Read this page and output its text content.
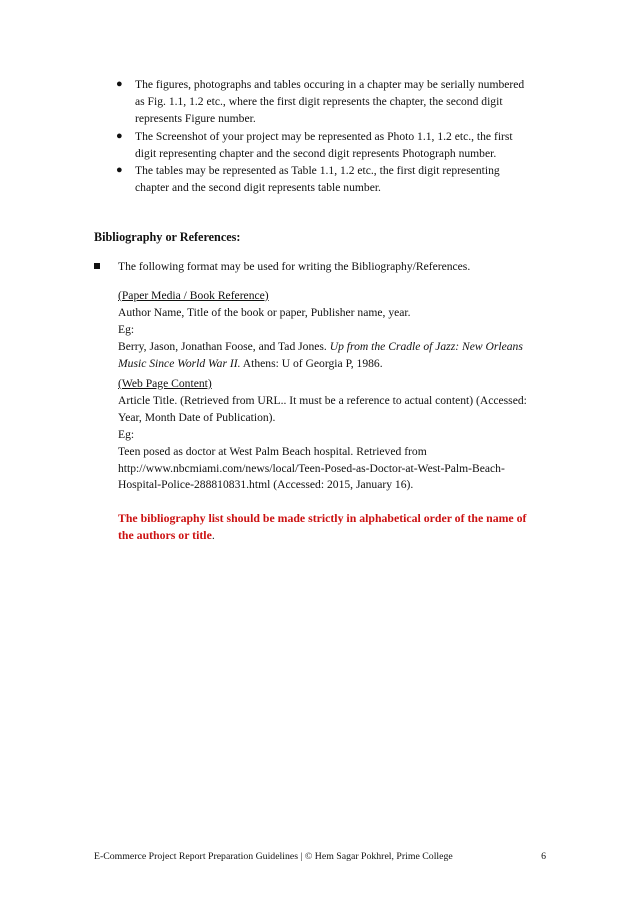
● The figures, photographs and tables occuring in a chapter may be serially numbered as Fig. 1.1, 1.2 etc., where the first digit represents the chapter, the second digit represents Figure number.
● The Screenshot of your project may be represented as Photo 1.1, 1.2 etc., the first digit representing chapter and the second digit represents Photograph number.
● The tables may be represented as Table 1.1, 1.2 etc., the first digit representing chapter and the second digit represents table number.
Bibliography or References:
The following format may be used for writing the Bibliography/References.

(Paper Media / Book Reference)

Author Name, Title of the book or paper, Publisher name, year.

Eg:

Berry, Jason, Jonathan Foose, and Tad Jones. Up from the Cradle of Jazz: New Orleans Music Since World War II. Athens: U of Georgia P, 1986.

(Web Page Content)

Article Title. (Retrieved from URL.. It must be a reference to actual content) (Accessed: Year, Month Date of Publication).

Eg:

Teen posed as doctor at West Palm Beach hospital. Retrieved from http://www.nbcmiami.com/news/local/Teen-Posed-as-Doctor-at-West-Palm-Beach-Hospital-Police-288810831.html (Accessed: 2015, January 16).

The bibliography list should be made strictly in alphabetical order of the name of the authors or title.

E-Commerce Project Report Preparation Guidelines | © Hem Sagar Pokhrel, Prime College	6
